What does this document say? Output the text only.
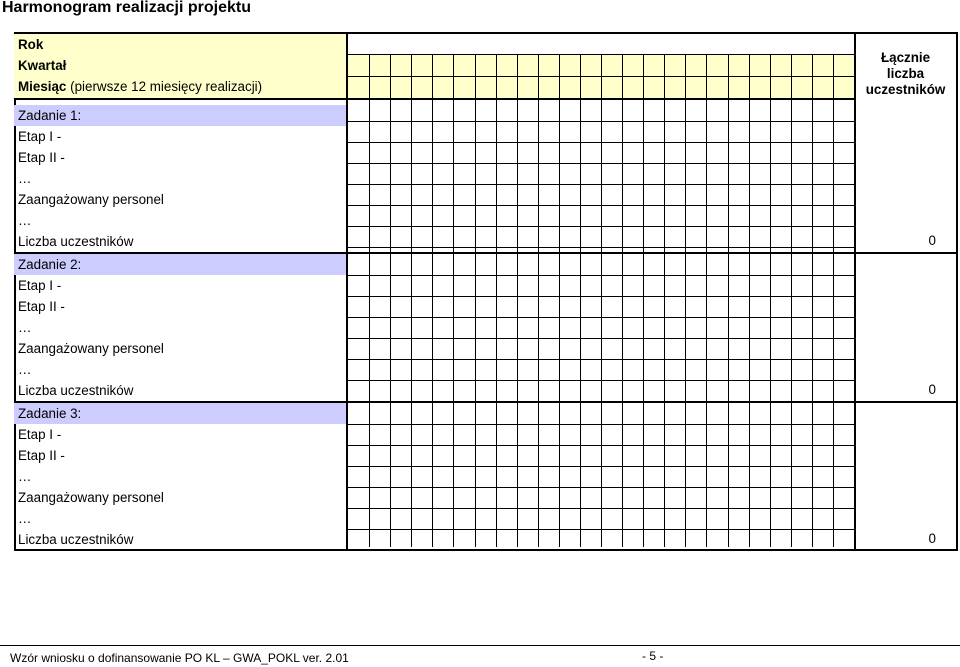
Harmonogram realizacji projektu
Rok
Kwartał
Miesiąc (pierwsze 12 miesięcy realizacji)
Zadanie 1:
Etap I -
Etap II -
…
Zaangażowany personel
…
Liczba uczestników	0
Zadanie 2:
Etap I -
Etap II -
…
Zaangażowany personel
…
Liczba uczestników	0
Zadanie 3:
Etap I -
Etap II -
…
Zaangażowany personel
…
Liczba uczestników	0
Łącznie
liczba
uczestników
Wzór wniosku o dofinansowanie PO KL – GWA_POKL ver. 2.01	- 5 -
